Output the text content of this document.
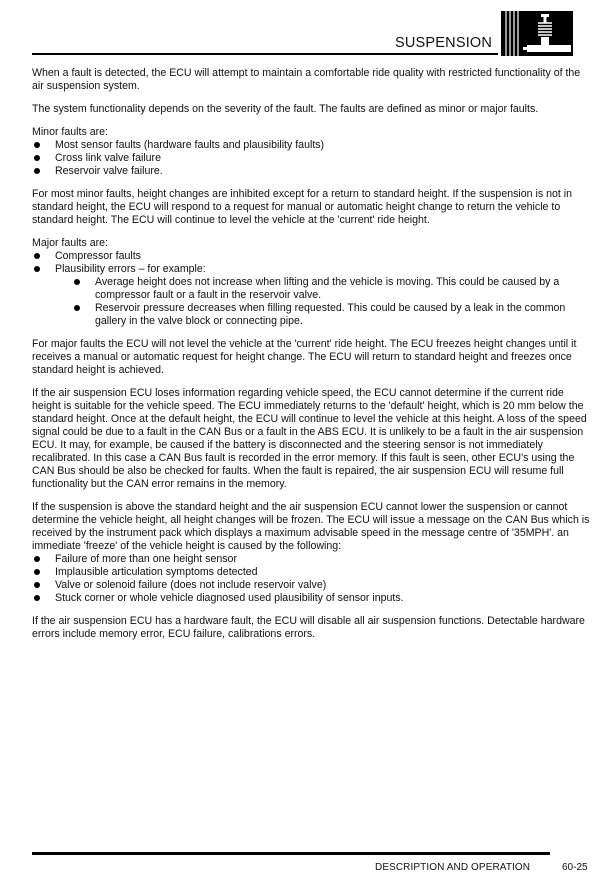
SUSPENSION

When a fault is detected, the ECU will attempt to maintain a comfortable ride quality with restricted functionality of the air suspension system.

The system functionality depends on the severity of the fault. The faults are defined as minor or major faults.

Minor faults are:

Most sensor faults (hardware faults and plausibility faults)
Cross link valve failure
Reservoir valve failure.

For most minor faults, height changes are inhibited except for a return to standard height. If the suspension is not in standard height, the ECU will respond to a request for manual or automatic height change to return the vehicle to standard height. The ECU will continue to level the vehicle at the 'current' ride height.

Major faults are:

Compressor faults
Plausibility errors – for example:
Average height does not increase when lifting and the vehicle is moving. This could be caused by a compressor fault or a fault in the reservoir valve.
Reservoir pressure decreases when filling requested. This could be caused by a leak in the common gallery in the valve block or connecting pipe.

For major faults the ECU will not level the vehicle at the 'current' ride height. The ECU freezes height changes until it receives a manual or automatic request for height change. The ECU will return to standard height and freezes once standard height is achieved.

If the air suspension ECU loses information regarding vehicle speed, the ECU cannot determine if the current ride height is suitable for the vehicle speed. The ECU immediately returns to the 'default' height, which is 20 mm below the standard height. Once at the default height, the ECU will continue to level the vehicle at this height. A loss of the speed signal could be due to a fault in the CAN Bus or a fault in the ABS ECU. It is unlikely to be a fault in the air suspension ECU. It may, for example, be caused if the battery is disconnected and the steering sensor is not immediately recalibrated. In this case a CAN Bus fault is recorded in the error memory. If this fault is seen, other ECU's using the CAN Bus should be also be checked for faults. When the fault is repaired, the air suspension ECU will resume full functionality but the CAN error remains in the memory.

If the suspension is above the standard height and the air suspension ECU cannot lower the suspension or cannot determine the vehicle height, all height changes will be frozen. The ECU will issue a message on the CAN Bus which is received by the instrument pack which displays a maximum advisable speed in the message centre of '35MPH'. an immediate 'freeze' of the vehicle height is caused by the following:

Failure of more than one height sensor
Implausible articulation symptoms detected
Valve or solenoid failure (does not include reservoir valve)
Stuck corner or whole vehicle diagnosed used plausibility of sensor inputs.

If the air suspension ECU has a hardware fault, the ECU will disable all air suspension functions. Detectable hardware errors include memory error, ECU failure, calibrations errors.

DESCRIPTION AND OPERATION	60-25
